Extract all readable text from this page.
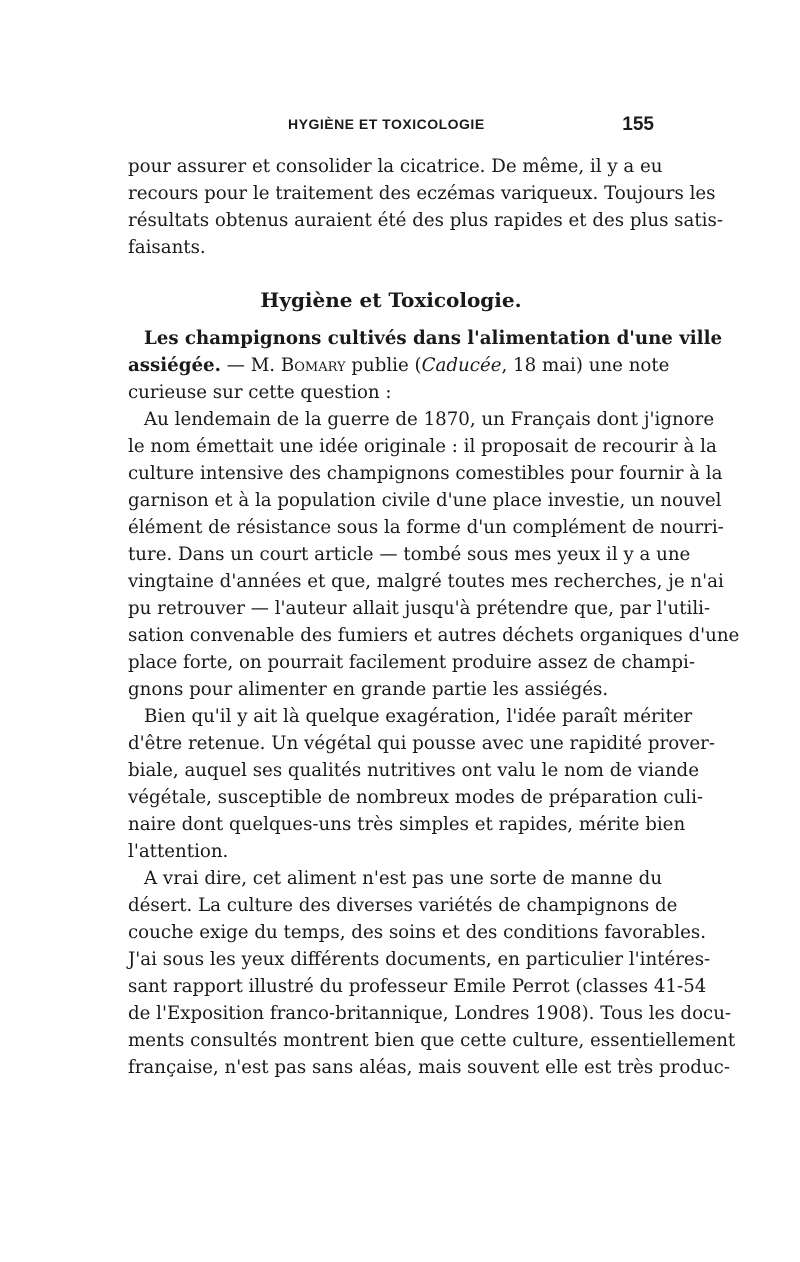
HYGIÈNE ET TOXICOLOGIE	155
pour assurer et consolider la cicatrice. De même, il y a eu
recours pour le traitement des eczémas variqueux. Toujours les
résultats obtenus auraient été des plus rapides et des plus satis-
faisants.
Hygiène et Toxicologie.
Les champignons cultivés dans l'alimentation d'une ville
assiégée. — M. Bomary publie (Caducée, 18 mai) une note
curieuse sur cette question :
Au lendemain de la guerre de 1870, un Français dont j'ignore
le nom émettait une idée originale : il proposait de recourir à la
culture intensive des champignons comestibles pour fournir à la
garnison et à la population civile d'une place investie, un nouvel
élément de résistance sous la forme d'un complément de nourri-
ture. Dans un court article — tombé sous mes yeux il y a une
vingtaine d'années et que, malgré toutes mes recherches, je n'ai
pu retrouver — l'auteur allait jusqu'à prétendre que, par l'utili-
sation convenable des fumiers et autres déchets organiques d'une
place forte, on pourrait facilement produire assez de champi-
gnons pour alimenter en grande partie les assiégés.
Bien qu'il y ait là quelque exagération, l'idée paraît mériter
d'être retenue. Un végétal qui pousse avec une rapidité prover-
biale, auquel ses qualités nutritives ont valu le nom de viande
végétale, susceptible de nombreux modes de préparation culi-
naire dont quelques-uns très simples et rapides, mérite bien
l'attention.
A vrai dire, cet aliment n'est pas une sorte de manne du
désert. La culture des diverses variétés de champignons de
couche exige du temps, des soins et des conditions favorables.
J'ai sous les yeux différents documents, en particulier l'intéres-
sant rapport illustré du professeur Emile Perrot (classes 41-54
de l'Exposition franco-britannique, Londres 1908). Tous les docu-
ments consultés montrent bien que cette culture, essentiellement
française, n'est pas sans aléas, mais souvent elle est très produc-
